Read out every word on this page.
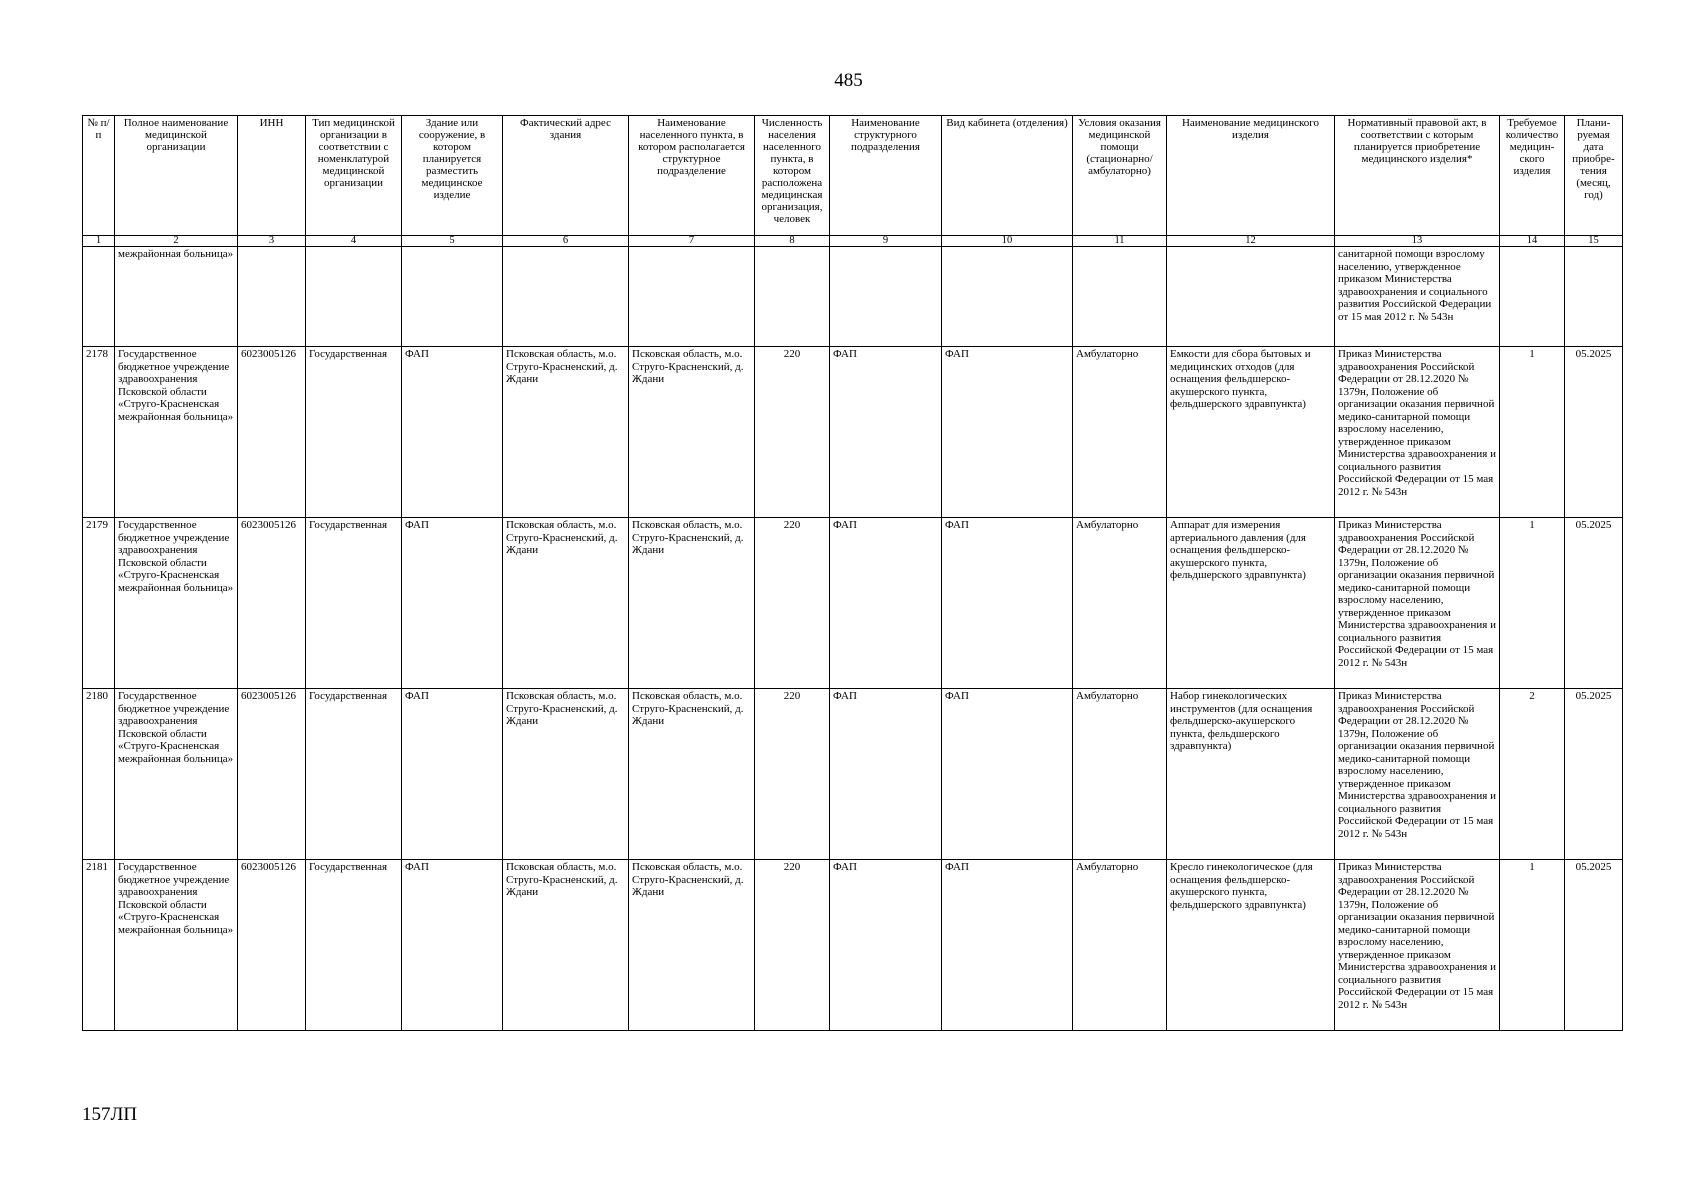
485
№ п/п	Полное наименование медицинской организации	ИНН	Тип медицинской организации в соответствии с номенклатурой медицинской организации	Здание или сооружение, в котором планируется разместить медицинское изделие	Фактический адрес здания	Наименование населенного пункта, в котором располагается структурное подразделение	Численность населения населенного пункта, в котором расположена медицинская организация, человек	Наименование структурного подразделения	Вид кабинета (отделения)	Условия оказания медицинской помощи (стационарно/ амбулаторно)	Наименование медицинского изделия	Нормативный правовой акт, в соответствии с которым планируется приобретение медицинского изделия*	Требуемое количество медицин-ского изделия	Плани-руемая дата приобре-тения (месяц, год)
1	2	3	4	5	6	7	8	9	10	11	12	13	14	15
	межрайонная больница»											санитарной помощи взрослому населению, утвержденное приказом Министерства здравоохранения и социального развития Российской Федерации от 15 мая 2012 г. № 543н		
2178	Государственное бюджетное учреждение здравоохранения Псковской области «Струго-Красненская межрайонная больница»	6023005126	Государственная	ФАП	Псковская область, м.о. Струго-Красненский, д. Ждани	Псковская область, м.о. Струго-Красненский, д. Ждани	220	ФАП	ФАП	Амбулаторно	Емкости для сбора бытовых и медицинских отходов (для оснащения фельдшерско-акушерского пункта, фельдшерского здравпункта)	Приказ Министерства здравоохранения Российской Федерации от 28.12.2020 № 1379н, Положение об организации оказания первичной медико-санитарной помощи взрослому населению, утвержденное приказом Министерства здравоохранения и социального развития Российской Федерации от 15 мая 2012 г. № 543н	1	05.2025
2179	Государственное бюджетное учреждение здравоохранения Псковской области «Струго-Красненская межрайонная больница»	6023005126	Государственная	ФАП	Псковская область, м.о. Струго-Красненский, д. Ждани	Псковская область, м.о. Струго-Красненский, д. Ждани	220	ФАП	ФАП	Амбулаторно	Аппарат для измерения артериального давления (для оснащения фельдшерско-акушерского пункта, фельдшерского здравпункта)	Приказ Министерства здравоохранения Российской Федерации от 28.12.2020 № 1379н, Положение об организации оказания первичной медико-санитарной помощи взрослому населению, утвержденное приказом Министерства здравоохранения и социального развития Российской Федерации от 15 мая 2012 г. № 543н	1	05.2025
2180	Государственное бюджетное учреждение здравоохранения Псковской области «Струго-Красненская межрайонная больница»	6023005126	Государственная	ФАП	Псковская область, м.о. Струго-Красненский, д. Ждани	Псковская область, м.о. Струго-Красненский, д. Ждани	220	ФАП	ФАП	Амбулаторно	Набор гинекологических инструментов (для оснащения фельдшерско-акушерского пункта, фельдшерского здравпункта)	Приказ Министерства здравоохранения Российской Федерации от 28.12.2020 № 1379н, Положение об организации оказания первичной медико-санитарной помощи взрослому населению, утвержденное приказом Министерства здравоохранения и социального развития Российской Федерации от 15 мая 2012 г. № 543н	2	05.2025
2181	Государственное бюджетное учреждение здравоохранения Псковской области «Струго-Красненская межрайонная больница»	6023005126	Государственная	ФАП	Псковская область, м.о. Струго-Красненский, д. Ждани	Псковская область, м.о. Струго-Красненский, д. Ждани	220	ФАП	ФАП	Амбулаторно	Кресло гинекологическое (для оснащения фельдшерско-акушерского пункта, фельдшерского здравпункта)	Приказ Министерства здравоохранения Российской Федерации от 28.12.2020 № 1379н, Положение об организации оказания первичной медико-санитарной помощи взрослому населению, утвержденное приказом Министерства здравоохранения и социального развития Российской Федерации от 15 мая 2012 г. № 543н	1	05.2025
157ЛП
